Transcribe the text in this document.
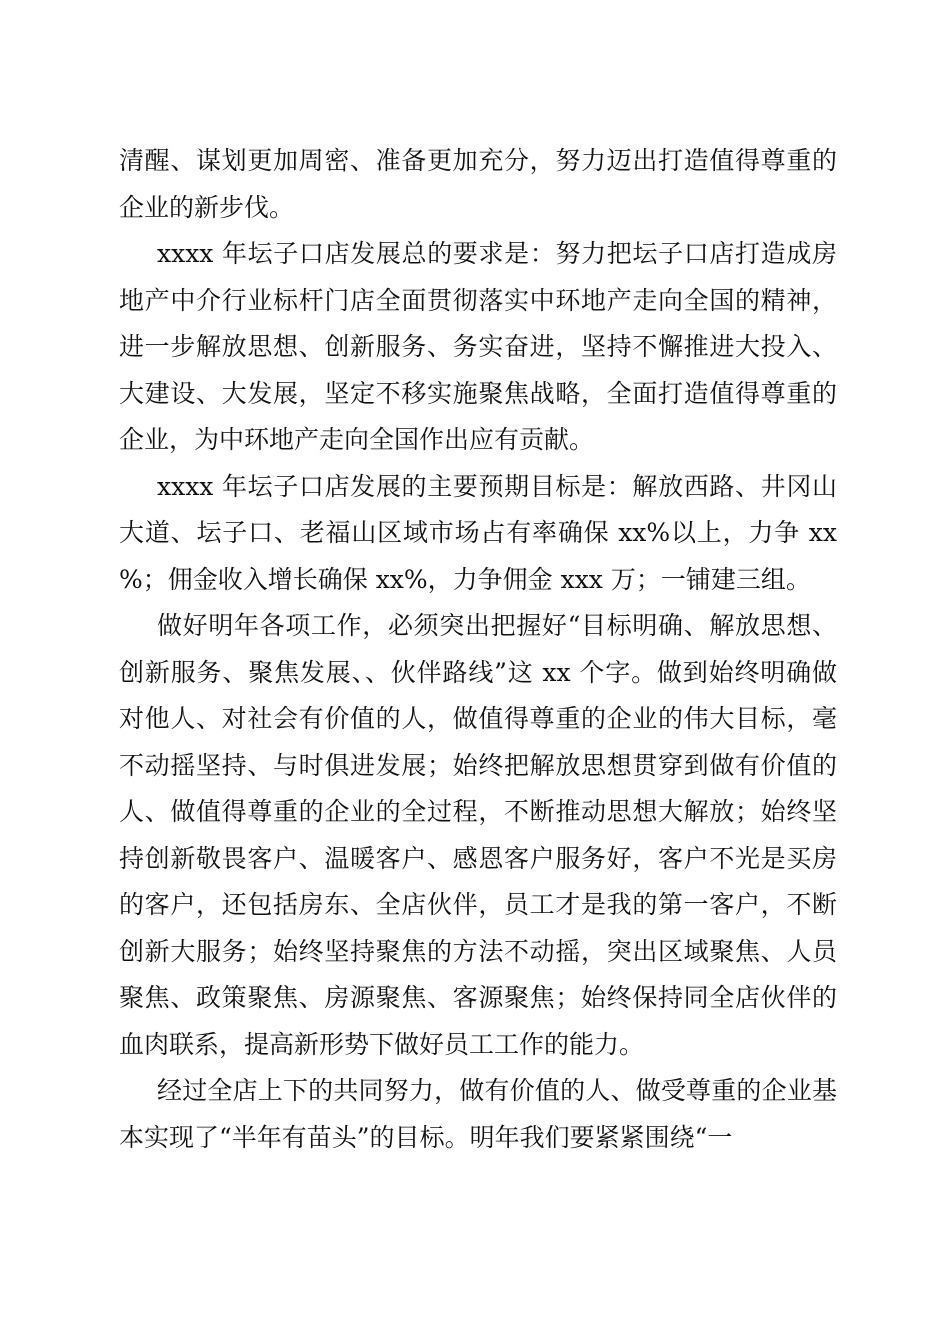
清醒、谋划更加周密、准备更加充分，努力迈出打造值得尊重的企业的新步伐。

xxxx 年坛子口店发展总的要求是：努力把坛子口店打造成房地产中介行业标杆门店全面贯彻落实中环地产走向全国的精神，进一步解放思想、创新服务、务实奋进，坚持不懈推进大投入、大建设、大发展，坚定不移实施聚焦战略，全面打造值得尊重的企业，为中环地产走向全国作出应有贡献。

xxxx 年坛子口店发展的主要预期目标是：解放西路、井冈山大道、坛子口、老福山区域市场占有率确保 xx%以上，力争 xx%；佣金收入增长确保 xx%，力争佣金 xxx 万；一铺建三组。

做好明年各项工作，必须突出把握好“目标明确、解放思想、创新服务、聚焦发展、、伙伴路线”这 xx 个字。做到始终明确做对他人、对社会有价值的人，做值得尊重的企业的伟大目标，毫不动摇坚持、与时俱进发展；始终把解放思想贯穿到做有价值的人、做值得尊重的企业的全过程，不断推动思想大解放；始终坚持创新敬畏客户、温暖客户、感恩客户服务好，客户不光是买房的客户，还包括房东、全店伙伴，员工才是我的第一客户，不断创新大服务；始终坚持聚焦的方法不动摇，突出区域聚焦、人员聚焦、政策聚焦、房源聚焦、客源聚焦；始终保持同全店伙伴的血肉联系，提高新形势下做好员工工作的能力。

经过全店上下的共同努力，做有价值的人、做受尊重的企业基本实现了“半年有苗头”的目标。明年我们要紧紧围绕“一
